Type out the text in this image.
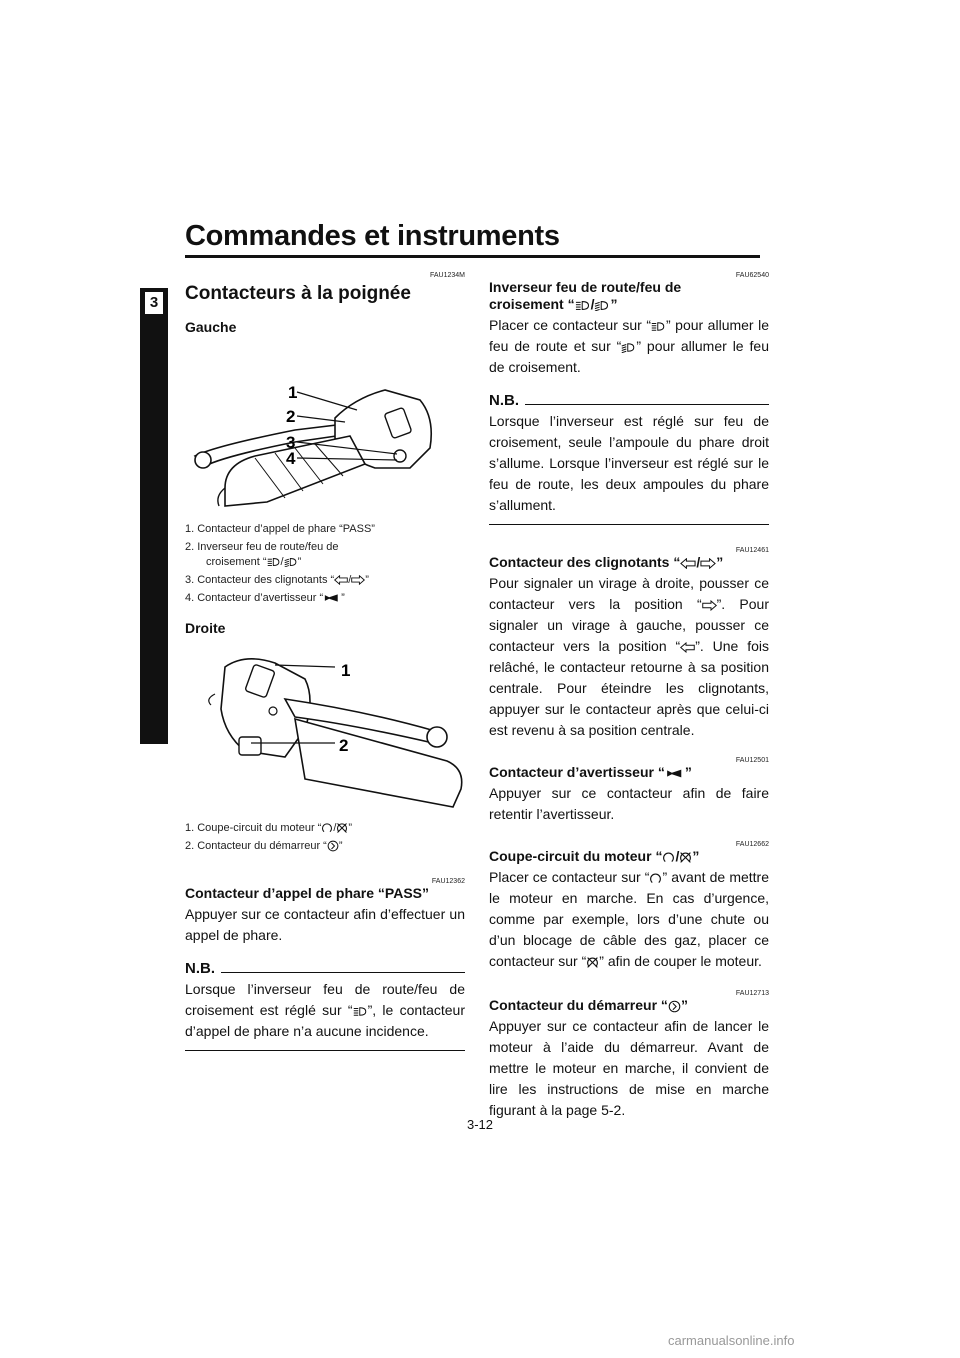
Commandes et instruments
3
FAU1234M
Contacteurs à la poignée
Gauche
1
2
3
4
1. Contacteur d’appel de phare “PASS”
2. Inverseur feu de route/feu de
croisement “ / ”
3. Contacteur des clignotants “ / ”
4. Contacteur d’avertisseur “ ”
Droite
1
2
1. Coupe-circuit du moteur “ / ”
2. Contacteur du démarreur “ ”
FAU12362
Contacteur d’appel de phare “PASS”
Appuyer sur ce contacteur afin d’effectuer un appel de phare.
N.B.
Lorsque l’inverseur feu de route/feu de croisement est réglé sur “ ”, le contacteur d’appel de phare n’a aucune incidence.
FAU62540
Inverseur feu de route/feu de
croisement “ / ”
Placer ce contacteur sur “ ” pour allumer le feu de route et sur “ ” pour allumer le feu de croisement.
N.B.
Lorsque l’inverseur est réglé sur feu de croisement, seule l’ampoule du phare droit s’allume. Lorsque l’inverseur est réglé sur le feu de route, les deux ampoules du phare s’allument.
FAU12461
Contacteur des clignotants “ / ”
Pour signaler un virage à droite, pousser ce contacteur vers la position “ ”. Pour signaler un virage à gauche, pousser ce contacteur vers la position “ ”. Une fois relâché, le contacteur retourne à sa position centrale. Pour éteindre les clignotants, appuyer sur le contacteur après que celui-ci est revenu à sa position centrale.
FAU12501
Contacteur d’avertisseur “ ”
Appuyer sur ce contacteur afin de faire retentir l’avertisseur.
FAU12662
Coupe-circuit du moteur “ / ”
Placer ce contacteur sur “ ” avant de mettre le moteur en marche. En cas d’urgence, comme par exemple, lors d’une chute ou d’un blocage de câble des gaz, placer ce contacteur sur “ ” afin de couper le moteur.
FAU12713
Contacteur du démarreur “ ”
Appuyer sur ce contacteur afin de lancer le moteur à l’aide du démarreur. Avant de mettre le moteur en marche, il convient de lire les instructions de mise en marche figurant à la page 5-2.
3-12
carmanualsonline.info
